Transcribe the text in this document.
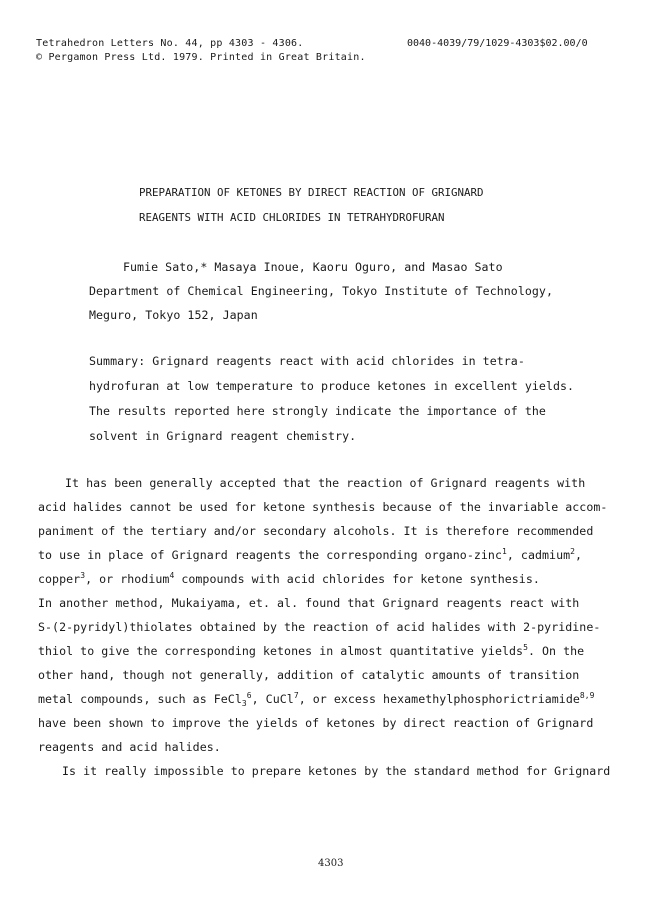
Tetrahedron Letters No. 44, pp 4303 - 4306.
© Pergamon Press Ltd. 1979. Printed in Great Britain.
0040-4039/79/1029-4303$02.00/0
PREPARATION OF KETONES BY DIRECT REACTION OF GRIGNARD
REAGENTS WITH ACID CHLORIDES IN TETRAHYDROFURAN
Fumie Sato,* Masaya Inoue, Kaoru Oguro, and Masao Sato
Department of Chemical Engineering, Tokyo Institute of Technology,
Meguro, Tokyo 152, Japan
Summary: Grignard reagents react with acid chlorides in tetra-
hydrofuran at low temperature to produce ketones in excellent yields.
The results reported here strongly indicate the importance of the
solvent in Grignard reagent chemistry.
It has been generally accepted that the reaction of Grignard reagents with
acid halides cannot be used for ketone synthesis because of the invariable accom-
paniment of the tertiary and/or secondary alcohols. It is therefore recommended
to use in place of Grignard reagents the corresponding organo-zinc$^1$, cadmium$^2$,
copper$^3$, or rhodium$^4$ compounds with acid chlorides for ketone synthesis.
In another method, Mukaiyama, et. al. found that Grignard reagents react with
S-(2-pyridyl)thiolates obtained by the reaction of acid halides with 2-pyridine-
thiol to give the corresponding ketones in almost quantitative yields$^5$. On the
other hand, though not generally, addition of catalytic amounts of transition
metal compounds, such as FeCl$_3^6$, CuCl$^7$, or excess hexamethylphosphorictriamide$^{8,9}$
have been shown to improve the yields of ketones by direct reaction of Grignard
reagents and acid halides.
Is it really impossible to prepare ketones by the standard method for Grignard
4303
